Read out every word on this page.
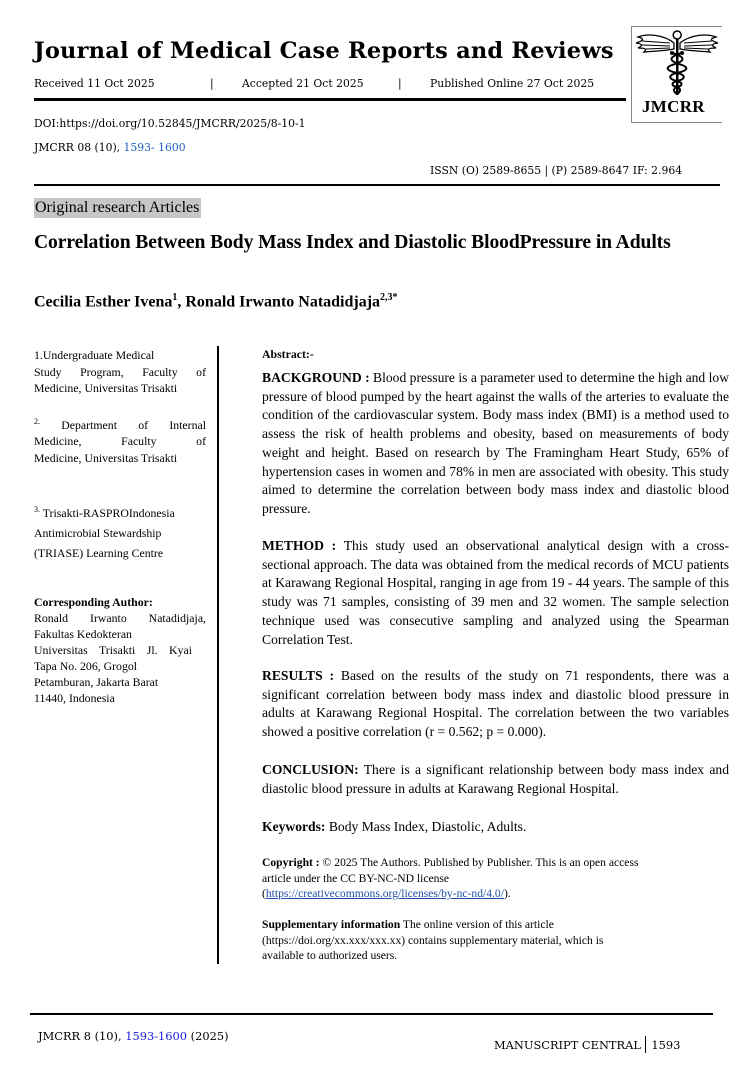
Journal of Medical Case Reports and Reviews
Received 11 Oct 2025	|	Accepted 21 Oct 2025	|	Published Online 27 Oct 2025
JMCRR
DOI:https://doi.org/10.52845/JMCRR/2025/8-10-1
JMCRR 08 (10), 1593- 1600
ISSN (O) 2589-8655 | (P) 2589-8647 IF: 2.964
Original research Articles
Correlation Between Body Mass Index and Diastolic BloodPressure in Adults
Cecilia Esther Ivena$^1$, Ronald Irwanto Natadidjaja$^{2,3*}$
1.Undergraduate Medical
Study Program, Faculty of
Medicine, Universitas Trisakti
$^{2.}$ Department of Internal
Medicine, Faculty of
Medicine, Universitas Trisakti
$^{3.}$ Trisakti-RASPROIndonesia
Antimicrobial Stewardship
(TRIASE) Learning Centre
Corresponding Author:
Ronald Irwanto Natadidjaja,
Fakultas Kedokteran
Universitas Trisakti Jl. Kyai
Tapa No. 206, Grogol
Petamburan, Jakarta Barat
11440, Indonesia
Abstract:-
BACKGROUND : Blood pressure is a parameter used to determine the high and low pressure of blood pumped by the heart against the walls of the arteries to evaluate the condition of the cardiovascular system. Body mass index (BMI) is a method used to assess the risk of health problems and obesity, based on measurements of body weight and height. Based on research by The Framingham Heart Study, 65% of hypertension cases in women and 78% in men are associated with obesity. This study aimed to determine the correlation between body mass index and diastolic blood pressure.
METHOD : This study used an observational analytical design with a cross-sectional approach. The data was obtained from the medical records of MCU patients at Karawang Regional Hospital, ranging in age from 19 - 44 years. The sample of this study was 71 samples, consisting of 39 men and 32 women. The sample selection technique used was consecutive sampling and analyzed using the Spearman Correlation Test.
RESULTS : Based on the results of the study on 71 respondents, there was a significant correlation between body mass index and diastolic blood pressure in adults at Karawang Regional Hospital. The correlation between the two variables showed a positive correlation (r = 0.562; p = 0.000).
CONCLUSION: There is a significant relationship between body mass index and diastolic blood pressure in adults at Karawang Regional Hospital.
Keywords: Body Mass Index, Diastolic, Adults.
Copyright : © 2025 The Authors. Published by Publisher. This is an open access article under the CC BY-NC-ND license
(https://creativecommons.org/licenses/by-nc-nd/4.0/).
Supplementary information The online version of this article (https://doi.org/xx.xxx/xxx.xx) contains supplementary material, which is available to authorized users.
JMCRR 8 (10), 1593-1600 (2025)
MANUSCRIPT CENTRAL 1593
